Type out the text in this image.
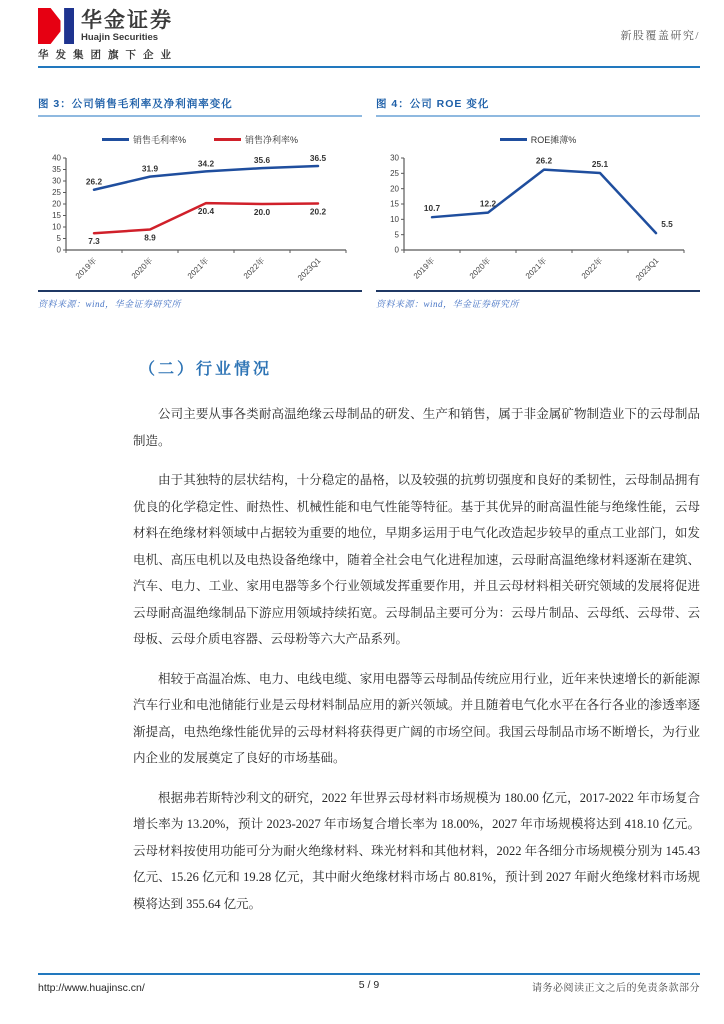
华金证券
Huajin Securities	新股覆盖研究/
华发集团旗下企业
图 3：公司销售毛利率及净利润率变化
销售毛利率%	销售净利率%
0
5
10
15
20
25
30
35
40
2019年	2020年	2021年	2022年	2023Q1
26.2
31.9
34.2	35.6	36.5
7.3	8.9
20.4	20.0	20.2
资料来源：wind，华金证券研究所
图 4：公司 ROE 变化
ROE摊薄%
0
5
10
15
20
25
30
2019年	2020年	2021年	2022年	2023Q1
10.7	12.2
26.2	25.1
5.5
资料来源：wind，华金证券研究所
（二）行业情况

公司主要从事各类耐高温绝缘云母制品的研发、生产和销售，属于非金属矿物制造业下的云母制品制造。

由于其独特的层状结构，十分稳定的晶格，以及较强的抗剪切强度和良好的柔韧性，云母制品拥有优良的化学稳定性、耐热性、机械性能和电气性能等特征。基于其优异的耐高温性能与绝缘性能，云母材料在绝缘材料领域中占据较为重要的地位，早期多运用于电气化改造起步较早的重点工业部门，如发电机、高压电机以及电热设备绝缘中，随着全社会电气化进程加速，云母耐高温绝缘材料逐渐在建筑、汽车、电力、工业、家用电器等多个行业领域发挥重要作用，并且云母材料相关研究领域的发展将促进云母耐高温绝缘制品下游应用领域持续拓宽。云母制品主要可分为：云母片制品、云母纸、云母带、云母板、云母介质电容器、云母粉等六大产品系列。

相较于高温冶炼、电力、电线电缆、家用电器等云母制品传统应用行业，近年来快速增长的新能源汽车行业和电池储能行业是云母材料制品应用的新兴领域。并且随着电气化水平在各行各业的渗透率逐渐提高，电热绝缘性能优异的云母材料将获得更广阔的市场空间。我国云母制品市场不断增长，为行业内企业的发展奠定了良好的市场基础。

根据弗若斯特沙利文的研究，2022 年世界云母材料市场规模为 180.00 亿元，2017-2022 年市场复合增长率为 13.20%，预计 2023-2027 年市场复合增长率为 18.00%，2027 年市场规模将达到 418.10 亿元。云母材料按使用功能可分为耐火绝缘材料、珠光材料和其他材料，2022 年各细分市场规模分别为 145.43 亿元、15.26 亿元和 19.28 亿元，其中耐火绝缘材料市场占 80.81%，预计到 2027 年耐火绝缘材料市场规模将达到 355.64 亿元。

http://www.huajinsc.cn/	5 / 9	请务必阅读正文之后的免责条款部分
